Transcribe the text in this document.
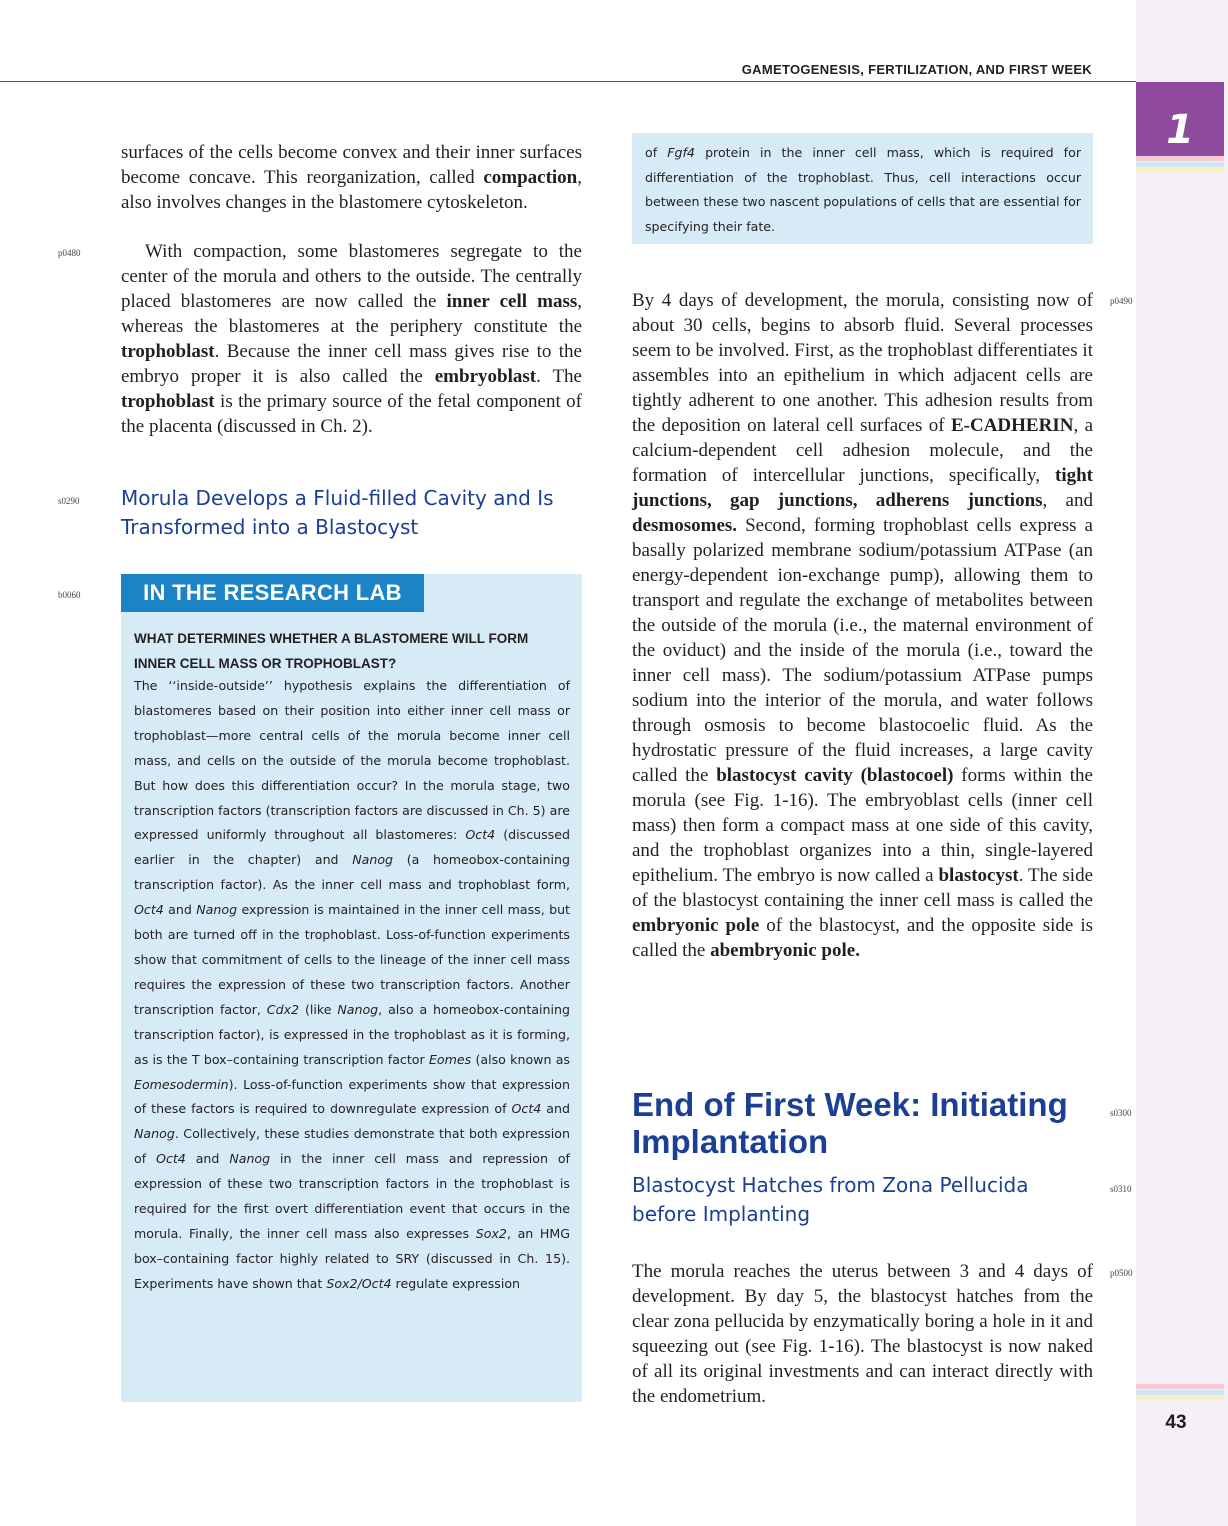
1
43
GAMETOGENESIS, FERTILIZATION, AND FIRST WEEK
p0480
s0290
b0060
p0490
s0300
s0310
p0500

surfaces of the cells become convex and their inner surfaces become concave. This reorganization, called compaction, also involves changes in the blastomere cytoskeleton.

With compaction, some blastomeres segregate to the center of the morula and others to the outside. The centrally placed blastomeres are now called the inner cell mass, whereas the blastomeres at the periphery constitute the trophoblast. Because the inner cell mass gives rise to the embryo proper it is also called the embryoblast. The trophoblast is the primary source of the fetal component of the placenta (discussed in Ch. 2).

Morula Develops a Fluid-filled Cavity and Is Transformed into a Blastocyst
IN THE RESEARCH LAB
WHAT DETERMINES WHETHER A BLASTOMERE WILL FORM INNER CELL MASS OR TROPHOBLAST?
The ‘‘inside-outside’’ hypothesis explains the differentiation of blastomeres based on their position into either inner cell mass or trophoblast—more central cells of the morula become inner cell mass, and cells on the outside of the morula become trophoblast. But how does this differentiation occur? In the morula stage, two transcription factors (transcription factors are discussed in Ch. 5) are expressed uniformly throughout all blastomeres: Oct4 (discussed earlier in the chapter) and Nanog (a homeobox-containing transcription factor). As the inner cell mass and trophoblast form, Oct4 and Nanog expression is maintained in the inner cell mass, but both are turned off in the trophoblast. Loss-of-function experiments show that commitment of cells to the lineage of the inner cell mass requires the expression of these two transcription factors. Another transcription factor, Cdx2 (like Nanog, also a homeobox-containing transcription factor), is expressed in the trophoblast as it is forming, as is the T box–containing transcription factor Eomes (also known as Eomesodermin). Loss-of-function experiments show that expression of these factors is required to downregulate expression of Oct4 and Nanog. Collectively, these studies demonstrate that both expression of Oct4 and Nanog in the inner cell mass and repression of expression of these two transcription factors in the trophoblast is required for the first overt differentiation event that occurs in the morula. Finally, the inner cell mass also expresses Sox2, an HMG box–containing factor highly related to SRY (discussed in Ch. 15). Experiments have shown that Sox2/Oct4 regulate expression
of Fgf4 protein in the inner cell mass, which is required for differentiation of the trophoblast. Thus, cell interactions occur between these two nascent populations of cells that are essential for specifying their fate.

By 4 days of development, the morula, consisting now of about 30 cells, begins to absorb fluid. Several processes seem to be involved. First, as the trophoblast differentiates it assembles into an epithelium in which adjacent cells are tightly adherent to one another. This adhesion results from the deposition on lateral cell surfaces of E-CADHERIN, a calcium-dependent cell adhesion molecule, and the formation of intercellular junctions, specifically, tight junctions, gap junctions, adherens junctions, and desmosomes. Second, forming trophoblast cells express a basally polarized membrane sodium/potassium ATPase (an energy-dependent ion-exchange pump), allowing them to transport and regulate the exchange of metabolites between the outside of the morula (i.e., the maternal environment of the oviduct) and the inside of the morula (i.e., toward the inner cell mass). The sodium/potassium ATPase pumps sodium into the interior of the morula, and water follows through osmosis to become blastocoelic fluid. As the hydrostatic pressure of the fluid increases, a large cavity called the blastocyst cavity (blastocoel) forms within the morula (see Fig. 1-16). The embryoblast cells (inner cell mass) then form a compact mass at one side of this cavity, and the trophoblast organizes into a thin, single-layered epithelium. The embryo is now called a blastocyst. The side of the blastocyst containing the inner cell mass is called the embryonic pole of the blastocyst, and the opposite side is called the abembryonic pole.

End of First Week: Initiating Implantation
Blastocyst Hatches from Zona Pellucida before Implanting

The morula reaches the uterus between 3 and 4 days of development. By day 5, the blastocyst hatches from the clear zona pellucida by enzymatically boring a hole in it and squeezing out (see Fig. 1-16). The blastocyst is now naked of all its original investments and can interact directly with the endometrium.
